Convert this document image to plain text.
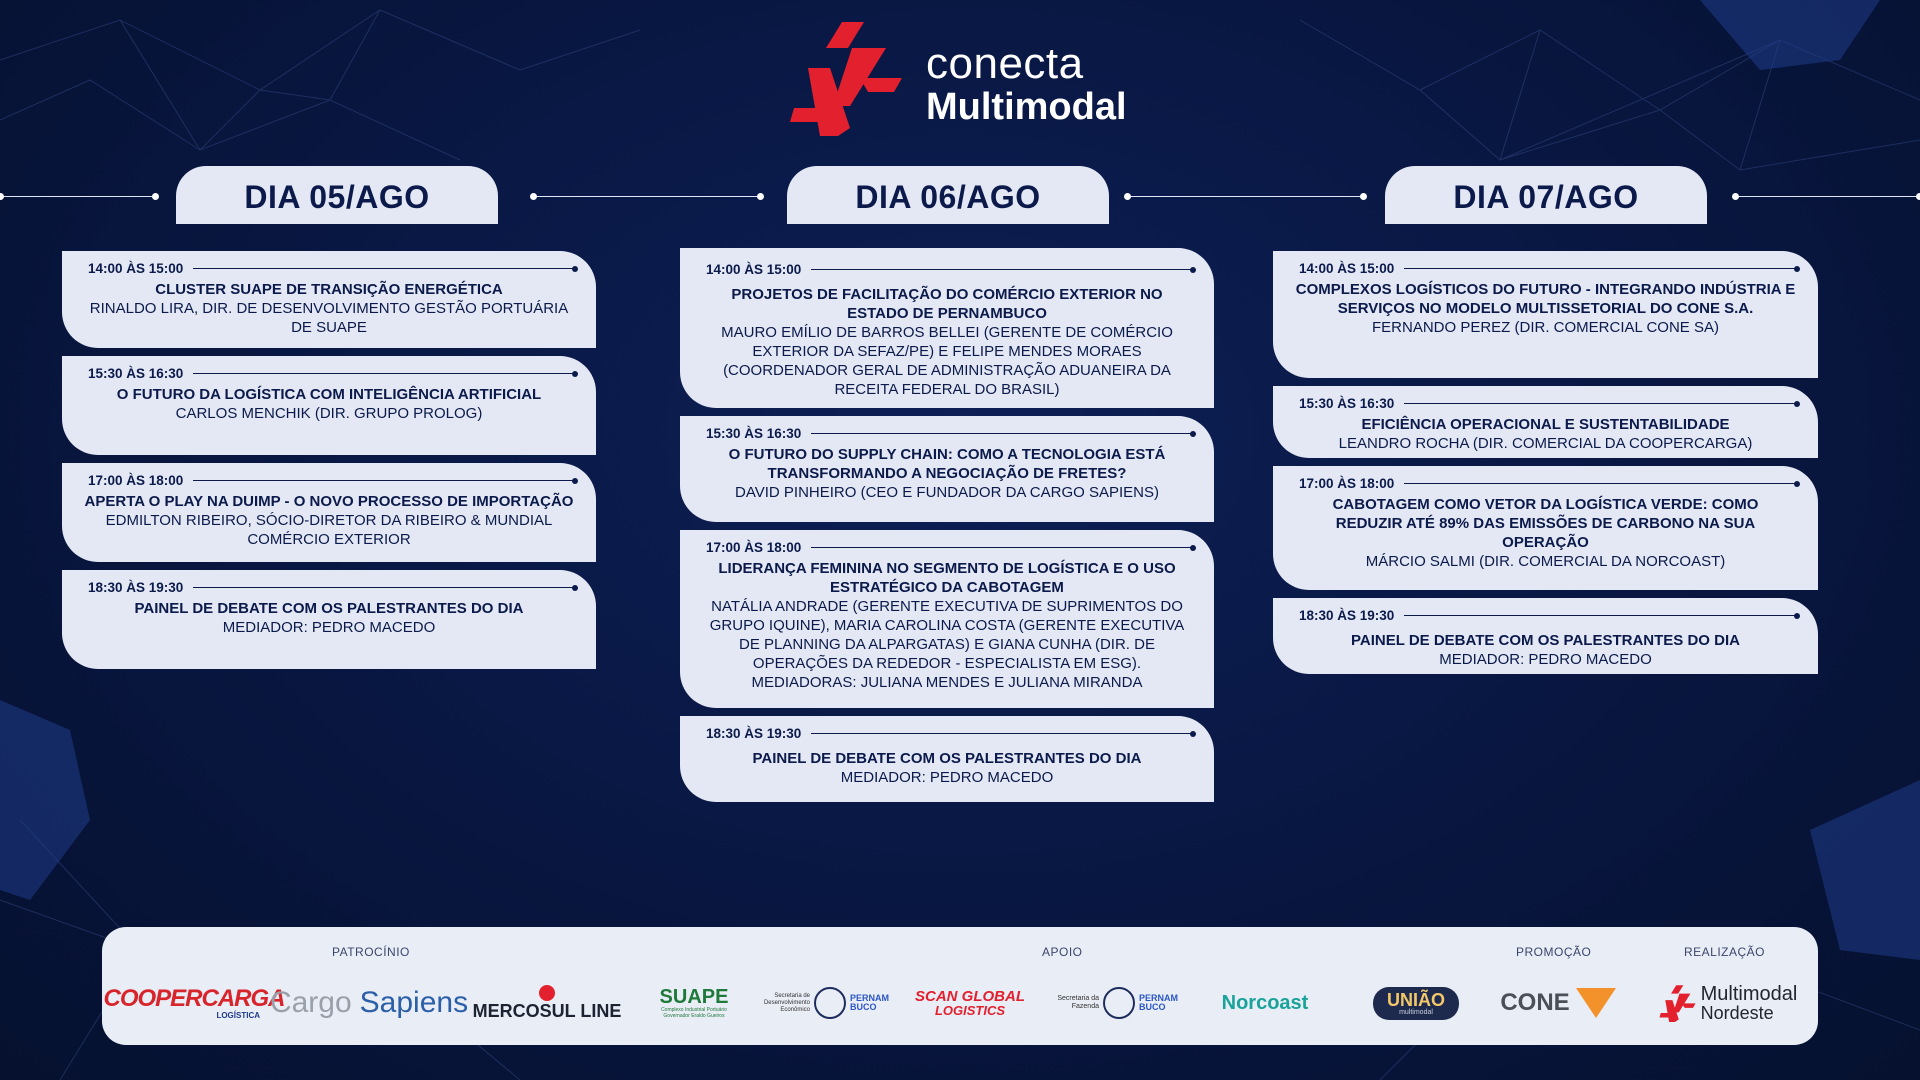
conecta
Multimodal
DIA 05/AGO	DIA 06/AGO	DIA 07/AGO
14:00 ÀS 15:00
CLUSTER SUAPE DE TRANSIÇÃO ENERGÉTICA
RINALDO LIRA, DIR. DE DESENVOLVIMENTO GESTÃO PORTUÁRIA DE SUAPE
15:30 ÀS 16:30
O FUTURO DA LOGÍSTICA COM INTELIGÊNCIA ARTIFICIAL
CARLOS MENCHIK (DIR. GRUPO PROLOG)
17:00 ÀS 18:00
APERTA O PLAY NA DUIMP - O NOVO PROCESSO DE IMPORTAÇÃO
EDMILTON RIBEIRO, SÓCIO-DIRETOR DA RIBEIRO & MUNDIAL COMÉRCIO EXTERIOR
18:30 ÀS 19:30
PAINEL DE DEBATE COM OS PALESTRANTES DO DIA
MEDIADOR: PEDRO MACEDO
14:00 ÀS 15:00
PROJETOS DE FACILITAÇÃO DO COMÉRCIO EXTERIOR NO ESTADO DE PERNAMBUCO
MAURO EMÍLIO DE BARROS BELLEI (GERENTE DE COMÉRCIO EXTERIOR DA SEFAZ/PE) E FELIPE MENDES MORAES (COORDENADOR GERAL DE ADMINISTRAÇÃO ADUANEIRA DA RECEITA FEDERAL DO BRASIL)
15:30 ÀS 16:30
O FUTURO DO SUPPLY CHAIN: COMO A TECNOLOGIA ESTÁ TRANSFORMANDO A NEGOCIAÇÃO DE FRETES?
DAVID PINHEIRO (CEO E FUNDADOR DA CARGO SAPIENS)
17:00 ÀS 18:00
LIDERANÇA FEMININA NO SEGMENTO DE LOGÍSTICA E O USO ESTRATÉGICO DA CABOTAGEM
NATÁLIA ANDRADE (GERENTE EXECUTIVA DE SUPRIMENTOS DO GRUPO IQUINE), MARIA CAROLINA COSTA (GERENTE EXECUTIVA DE PLANNING DA ALPARGATAS) E GIANA CUNHA (DIR. DE OPERAÇÕES DA REDEDOR - ESPECIALISTA EM ESG). MEDIADORAS: JULIANA MENDES E JULIANA MIRANDA
18:30 ÀS 19:30
PAINEL DE DEBATE COM OS PALESTRANTES DO DIA
MEDIADOR: PEDRO MACEDO
14:00 ÀS 15:00
COMPLEXOS LOGÍSTICOS DO FUTURO - INTEGRANDO INDÚSTRIA E SERVIÇOS NO MODELO MULTISSETORIAL DO CONE S.A.
FERNANDO PEREZ (DIR. COMERCIAL CONE SA)
15:30 ÀS 16:30
EFICIÊNCIA OPERACIONAL E SUSTENTABILIDADE
LEANDRO ROCHA (DIR. COMERCIAL DA COOPERCARGA)
17:00 ÀS 18:00
CABOTAGEM COMO VETOR DA LOGÍSTICA VERDE: COMO REDUZIR ATÉ 89% DAS EMISSÕES DE CARBONO NA SUA OPERAÇÃO
MÁRCIO SALMI (DIR. COMERCIAL DA NORCOAST)
18:30 ÀS 19:30
PAINEL DE DEBATE COM OS PALESTRANTES DO DIA
MEDIADOR: PEDRO MACEDO
PATROCÍNIO	APOIO	PROMOÇÃO	REALIZAÇÃO
COOPERCARGA
LOGÍSTICA Cargo Sapiens MERCOSUL LINE
SUAPE
Complexo Industrial Portuário Governador Eraldo Gueiros
Secretaria de Desenvolvimento Econômico
PERNAMBUCO
SCAN GLOBAL
LOGISTICS
Secretaria da Fazenda
PERNAMBUCO	Norcoast	UNIÃO
multimodal	CONE	Multimodal
Nordeste
